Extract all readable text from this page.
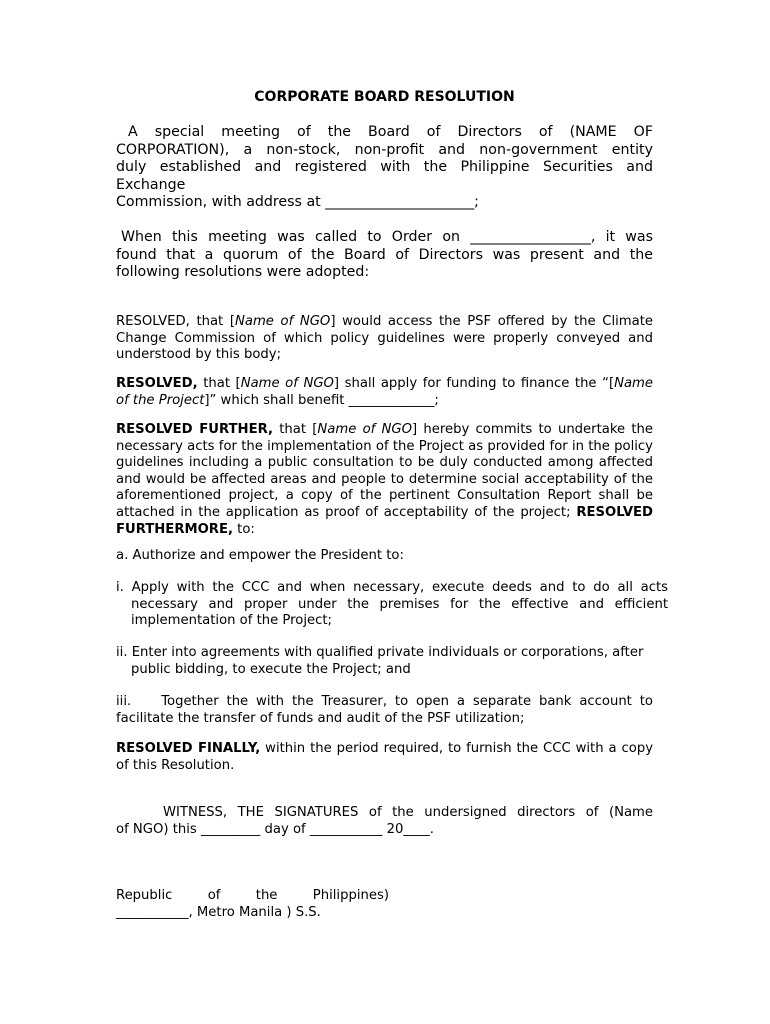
CORPORATE BOARD RESOLUTION
A special meeting of the Board of Directors of (NAME OF
CORPORATION), a non-stock, non-profit and non-government entity
duly established and registered with the Philippine Securities and
Exchange
Commission, with address at _____________________;
When this meeting was called to Order on _________________, it was
found that a quorum of the Board of Directors was present and the
following resolutions were adopted:
RESOLVED, that [Name of NGO] would access the PSF offered by the Climate Change Commission of which policy guidelines were properly conveyed and understood by this body;
RESOLVED, that [Name of NGO] shall apply for funding to finance the “[Name of the Project]” which shall benefit _____________;
RESOLVED FURTHER, that [Name of NGO] hereby commits to undertake the necessary acts for the implementation of the Project as provided for in the policy guidelines including a public consultation to be duly conducted among affected and would be affected areas and people to determine social acceptability of the aforementioned project, a copy of the pertinent Consultation Report shall be attached in the application as proof of acceptability of the project; RESOLVED FURTHERMORE, to:
a. Authorize and empower the President to:
i. Apply with the CCC and when necessary, execute deeds and to do all acts necessary and proper under the premises for the effective and efficient implementation of the Project;
ii. Enter into agreements with qualified private individuals or corporations, after public bidding, to execute the Project; and
iii. Together the with the Treasurer, to open a separate bank account to facilitate the transfer of funds and audit of the PSF utilization;
RESOLVED FINALLY, within the period required, to furnish the CCC with a copy of this Resolution.
WITNESS, THE SIGNATURES of the undersigned directors of (Name
of NGO) this _________ day of ___________ 20____.
Republic	of	the	Philippines)
___________, Metro Manila ) S.S.
